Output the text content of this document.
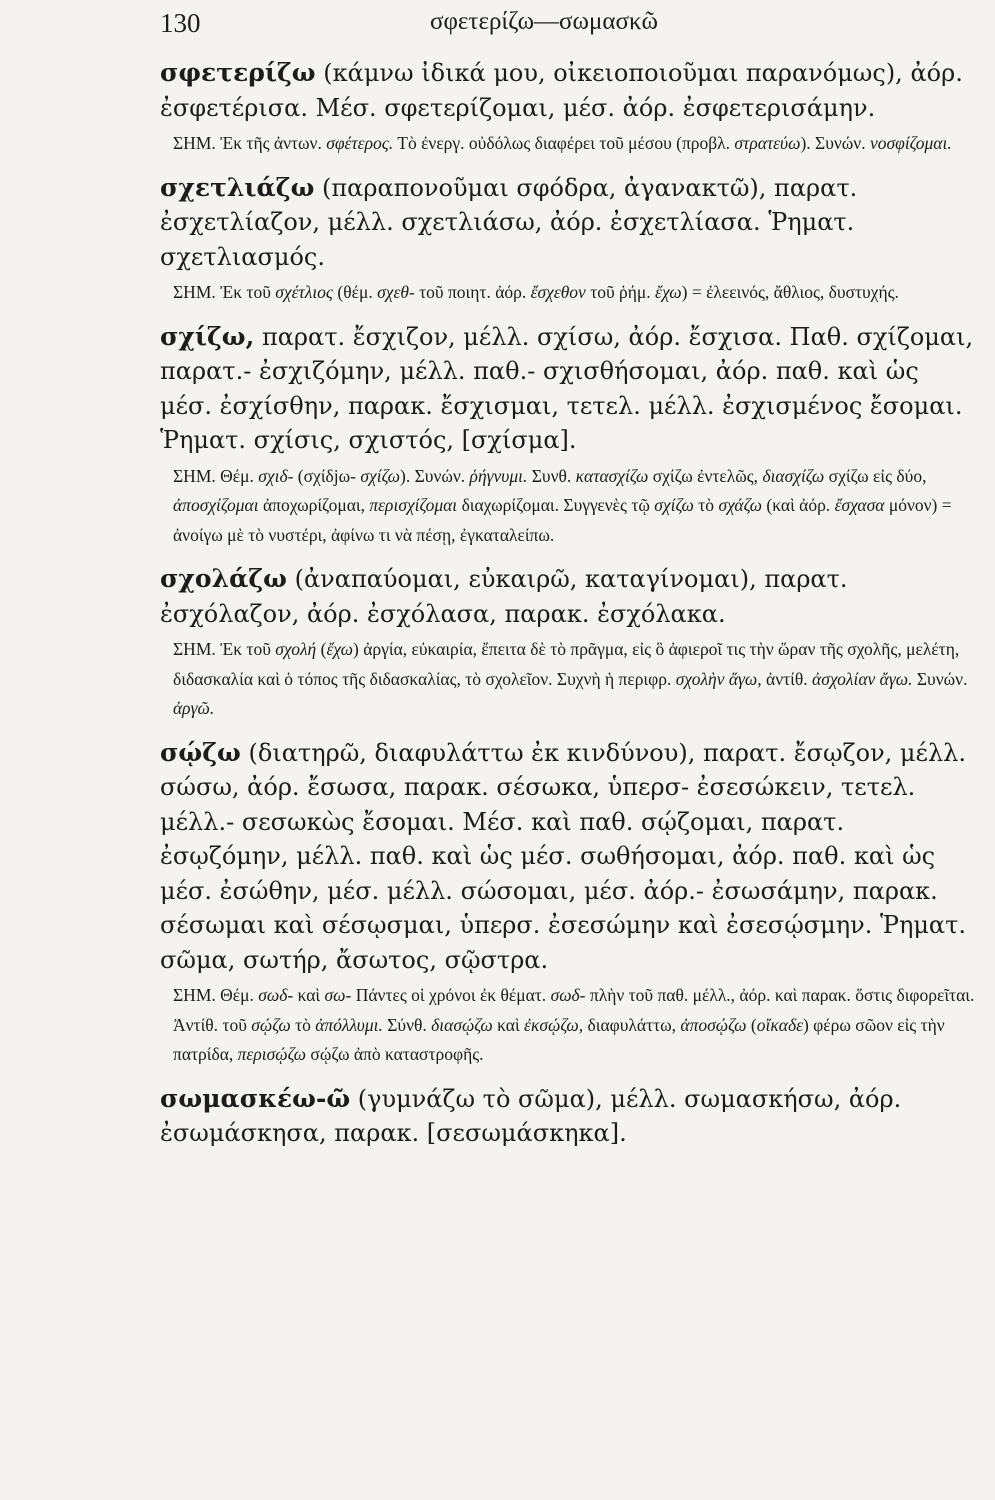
130	σφετερίζω—σωμασκῶ

σφετερίζω (κάμνω ἰδικά μου, οἰκειοποιοῦμαι παρανόμως), ἀόρ. ἐσφετέρισα. Μέσ. σφετερίζομαι, μέσ. ἀόρ. ἐσφετερισάμην.

ΣΗΜ. Ἐκ τῆς ἀντων. σφέτερος. Τὸ ἐνεργ. οὐδόλως διαφέρει τοῦ μέσου (προβλ. στρατεύω). Συνών. νοσφίζομαι.

σχετλιάζω (παραπονοῦμαι σφόδρα, ἀγανακτῶ), παρατ. ἐσχετλίαζον, μέλλ. σχετλιάσω, ἀόρ. ἐσχετλίασα. Ῥηματ. σχετλιασμός.

ΣΗΜ. Ἐκ τοῦ σχέτλιος (θέμ. σχεθ- τοῦ ποιητ. ἀόρ. ἔσχεθον τοῦ ῥήμ. ἔχω) = ἐλεεινός, ἄθλιος, δυστυχής.

σχίζω, παρατ. ἔσχιζον, μέλλ. σχίσω, ἀόρ. ἔσχισα. Παθ. σχίζομαι, παρατ.- ἐσχιζόμην, μέλλ. παθ.- σχισθήσομαι, ἀόρ. παθ. καὶ ὡς μέσ. ἐσχίσθην, παρακ. ἔσχισμαι, τετελ. μέλλ. ἐσχισμένος ἔσομαι. Ῥηματ. σχίσις, σχιστός, [σχίσμα].

ΣΗΜ. Θέμ. σχιδ- (σχίδjω- σχίζω). Συνών. ῥήγνυμι. Συνθ. κατασχίζω σχίζω ἐντελῶς, διασχίζω σχίζω εἰς δύο, ἀποσχίζομαι ἀποχωρίζομαι, περισχίζομαι διαχωρίζομαι. Συγγενὲς τῷ σχίζω τὸ σχάζω (καὶ ἀόρ. ἔσχασα μόνον) = ἀνοίγω μὲ τὸ νυστέρι, ἀφίνω τι νὰ πέσῃ, ἐγκαταλείπω.

σχολάζω (ἀναπαύομαι, εὐκαιρῶ, καταγίνομαι), παρατ. ἐσχόλαζον, ἀόρ. ἐσχόλασα, παρακ. ἐσχόλακα.

ΣΗΜ. Ἐκ τοῦ σχολή (ἔχω) ἀργία, εὐκαιρία, ἔπειτα δὲ τὸ πρᾶγμα, εἰς ὃ ἀφιεροῖ τις τὴν ὥραν τῆς σχολῆς, μελέτη, διδασκαλία καὶ ὁ τόπος τῆς διδασκαλίας, τὸ σχολεῖον. Συχνὴ ἡ περιφρ. σχολὴν ἄγω, ἀντίθ. ἀσχολίαν ἄγω. Συνών. ἀργῶ.

σῴζω (διατηρῶ, διαφυλάττω ἐκ κινδύνου), παρατ. ἔσῳζον, μέλλ. σώσω, ἀόρ. ἔσωσα, παρακ. σέσωκα, ὑπερσ- ἐσεσώκειν, τετελ. μέλλ.- σεσωκὼς ἔσομαι. Μέσ. καὶ παθ. σῴζομαι, παρατ. ἐσῳζόμην, μέλλ. παθ. καὶ ὡς μέσ. σωθήσομαι, ἀόρ. παθ. καὶ ὡς μέσ. ἐσώθην, μέσ. μέλλ. σώσομαι, μέσ. ἀόρ.- ἐσωσάμην, παρακ. σέσωμαι καὶ σέσῳσμαι, ὑπερσ. ἐσεσώμην καὶ ἐσεσῴσμην. Ῥηματ. σῶμα, σωτήρ, ἄσωτος, σῷστρα.

ΣΗΜ. Θέμ. σωδ- καὶ σω- Πάντες οἱ χρόνοι ἐκ θέματ. σωδ- πλὴν τοῦ παθ. μέλλ., ἀόρ. καὶ παρακ. ὅστις διφορεῖται. Ἀντίθ. τοῦ σῴζω τὸ ἀπόλλυμι. Σύνθ. διασῴζω καὶ ἐκσῴζω, διαφυλάττω, ἀποσῴζω (οἴκαδε) φέρω σῶον εἰς τὴν πατρίδα, περισῴζω σῴζω ἀπὸ καταστροφῆς.

σωμασκέω-ῶ (γυμνάζω τὸ σῶμα), μέλλ. σωμασκήσω, ἀόρ. ἐσωμάσκησα, παρακ. [σεσωμάσκηκα].
